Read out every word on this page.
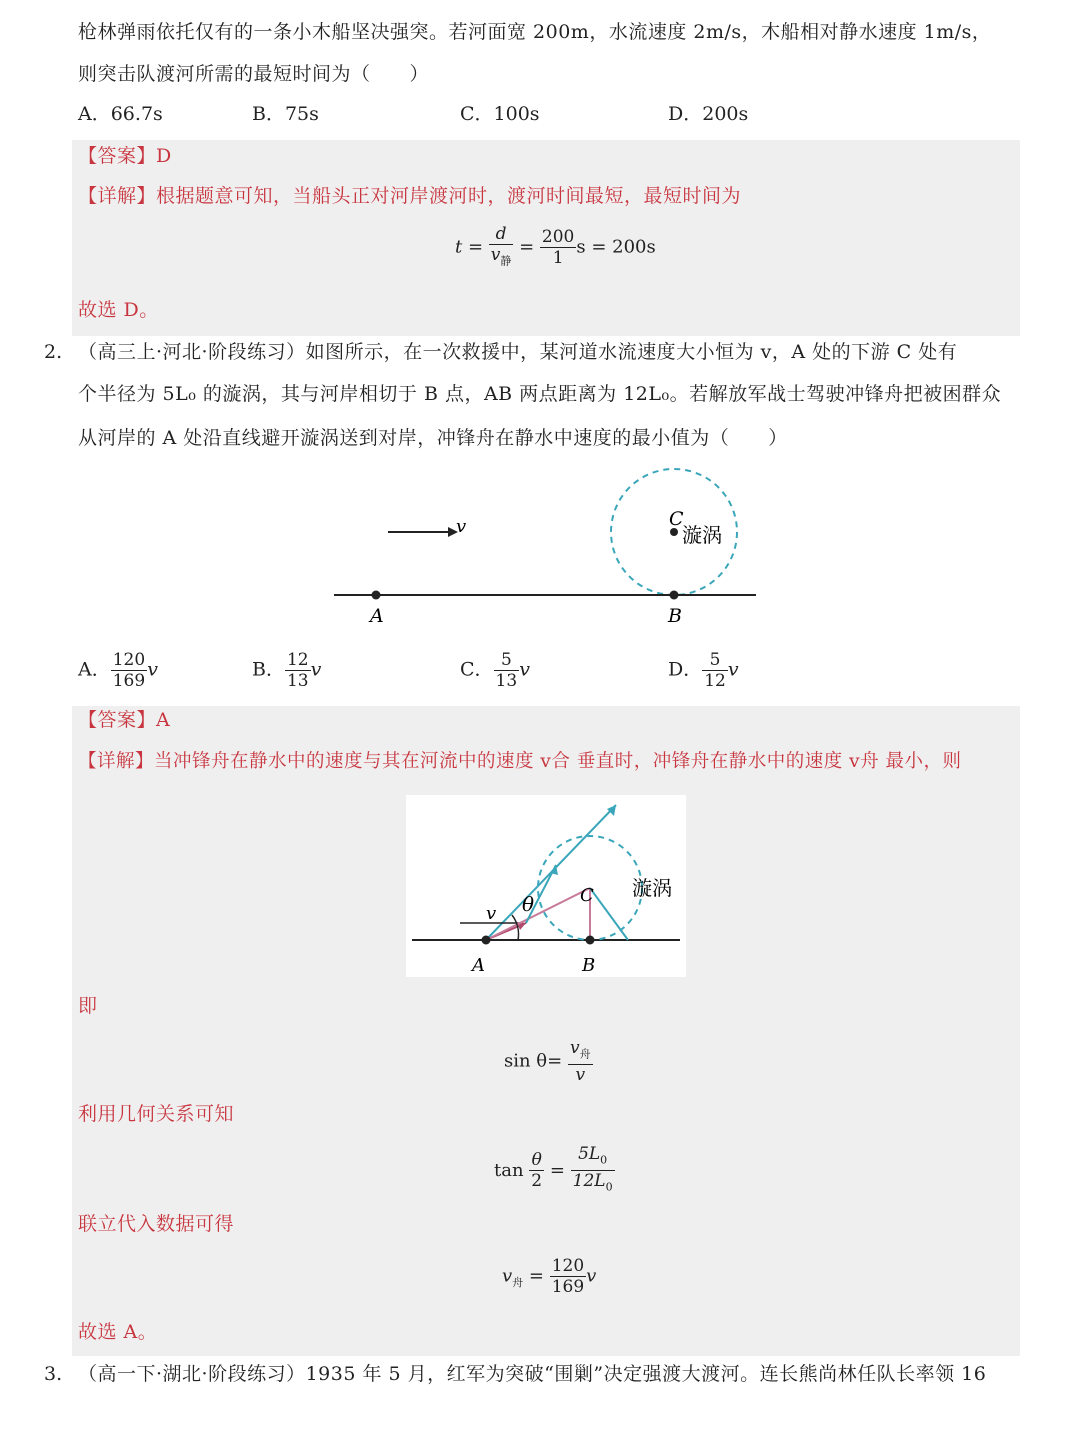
枪林弹雨依托仅有的一条小木船坚决强突。若河面宽 200m，水流速度 2m/s，木船相对静水速度 1m/s，
则突击队渡河所需的最短时间为（　　）
A．66.7s	B．75s	C．100s	D．200s
【答案】D
【详解】根据题意可知，当船头正对河岸渡河时，渡河时间最短，最短时间为
$t = \frac{d}{v_静} = \frac{200}{1}$ s = 200s
故选 D。
2. （高三上·河北·阶段练习）如图所示，在一次救援中，某河道水流速度大小恒为 v，A 处的下游 C 处有
个半径为 5L₀ 的漩涡，其与河岸相切于 B 点，AB 两点距离为 12L₀。若解放军战士驾驶冲锋舟把被困群众
从河岸的 A 处沿直线避开漩涡送到对岸，冲锋舟在静水中速度的最小值为（　　）
v	C
漩涡
A	B
A． $\frac{120}{169}$ v	B． $\frac{12}{13}$ v	C． $\frac{5}{13}$ v	D． $\frac{5}{12}$ v
【答案】A
【详解】当冲锋舟在静水中的速度与其在河流中的速度 v合 垂直时，冲锋舟在静水中的速度 v舟 最小，则
v θ	C 漩涡
A	B
即
$\sin \theta= \frac{v_舟}{v}$
利用几何关系可知
$\tan \frac{\theta}{2} = \frac{5L_0}{12L_0}$
联立代入数据可得
$v_舟 = \frac{120}{169}$ v
故选 A。
3. （高一下·湖北·阶段练习）1935 年 5 月，红军为突破“围剿”决定强渡大渡河。连长熊尚林任队长率领 16
